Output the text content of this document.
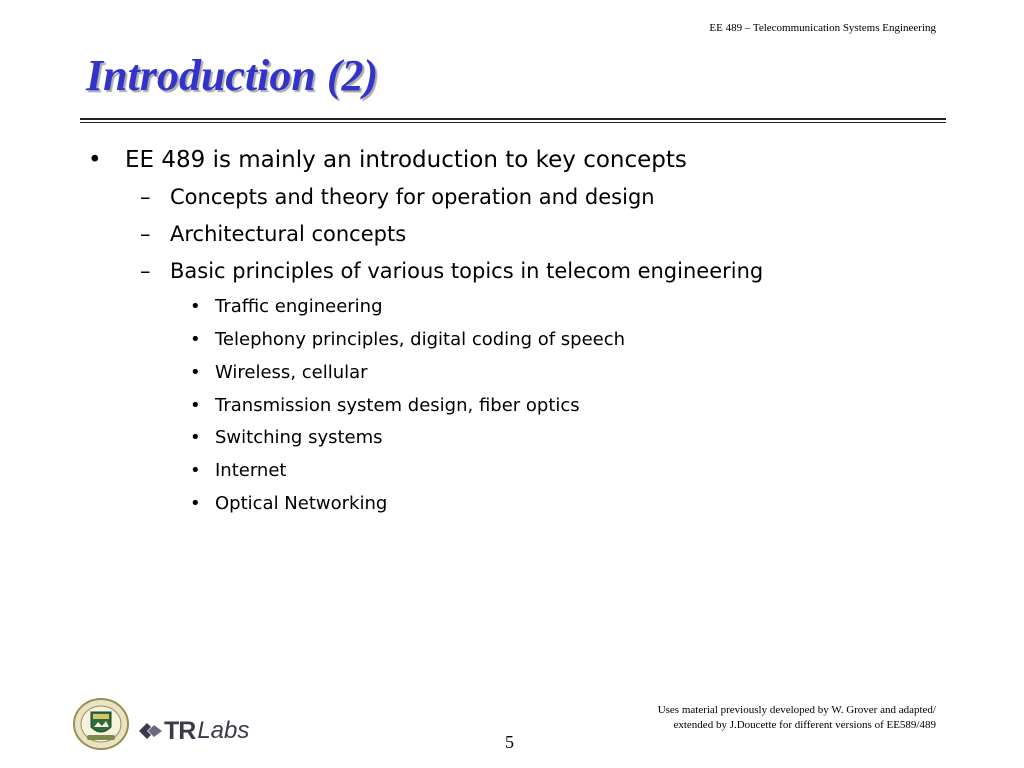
EE 489 – Telecommunication Systems Engineering
Introduction (2)
• EE 489 is mainly an introduction to key concepts
– Concepts and theory for operation and design
– Architectural concepts
– Basic principles of various topics in telecom engineering
• Traffic engineering
• Telephony principles, digital coding of speech
• Wireless, cellular
• Transmission system design, fiber optics
• Switching systems
• Internet
• Optical Networking
TR Labs
Uses material previously developed by W. Grover and adapted/
extended by J.Doucette for different versions of EE589/489
5
